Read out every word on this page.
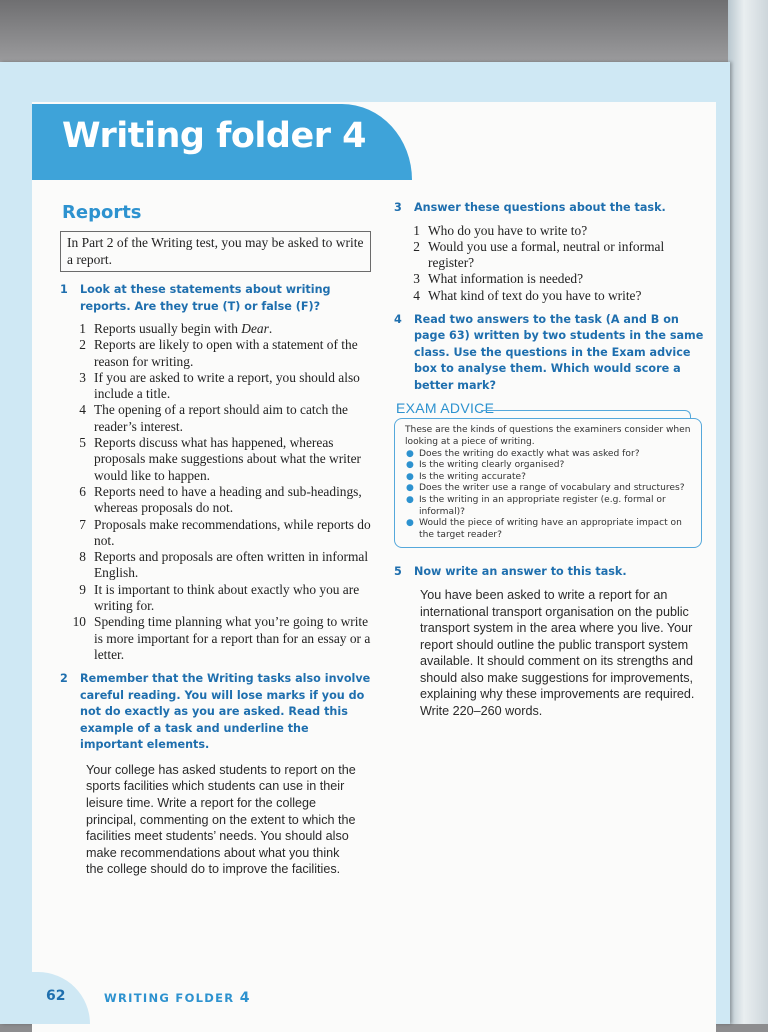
Writing folder 4
Reports
In Part 2 of the Writing test, you may be asked to write a report.
1 Look at these statements about writing reports. Are they true (T) or false (F)?
1 Reports usually begin with Dear.
2 Reports are likely to open with a statement of the reason for writing.
3 If you are asked to write a report, you should also include a title.
4 The opening of a report should aim to catch the reader’s interest.
5 Reports discuss what has happened, whereas proposals make suggestions about what the writer would like to happen.
6 Reports need to have a heading and sub-headings, whereas proposals do not.
7 Proposals make recommendations, while reports do not.
8 Reports and proposals are often written in informal English.
9 It is important to think about exactly who you are writing for.
10 Spending time planning what you’re going to write is more important for a report than for an essay or a letter.
2 Remember that the Writing tasks also involve careful reading. You will lose marks if you do not do exactly as you are asked. Read this example of a task and underline the important elements.
Your college has asked students to report on the sports facilities which students can use in their leisure time. Write a report for the college principal, commenting on the extent to which the facilities meet students’ needs. You should also make recommendations about what you think the college should do to improve the facilities.
3 Answer these questions about the task.
1 Who do you have to write to?
2 Would you use a formal, neutral or informal register?
3 What information is needed?
4 What kind of text do you have to write?
4 Read two answers to the task (A and B on page 63) written by two students in the same class. Use the questions in the Exam advice box to analyse them. Which would score a better mark?
EXAM ADVICE
These are the kinds of questions the examiners consider when looking at a piece of writing.
● Does the writing do exactly what was asked for?
● Is the writing clearly organised?
● Is the writing accurate?
● Does the writer use a range of vocabulary and structures?
● Is the writing in an appropriate register (e.g. formal or informal)?
● Would the piece of writing have an appropriate impact on the target reader?
5 Now write an answer to this task.
You have been asked to write a report for an international transport organisation on the public transport system in the area where you live. Your report should outline the public transport system available. It should comment on its strengths and should also make suggestions for improvements, explaining why these improvements are required.
Write 220–260 words.
62	WRITING FOLDER 4
